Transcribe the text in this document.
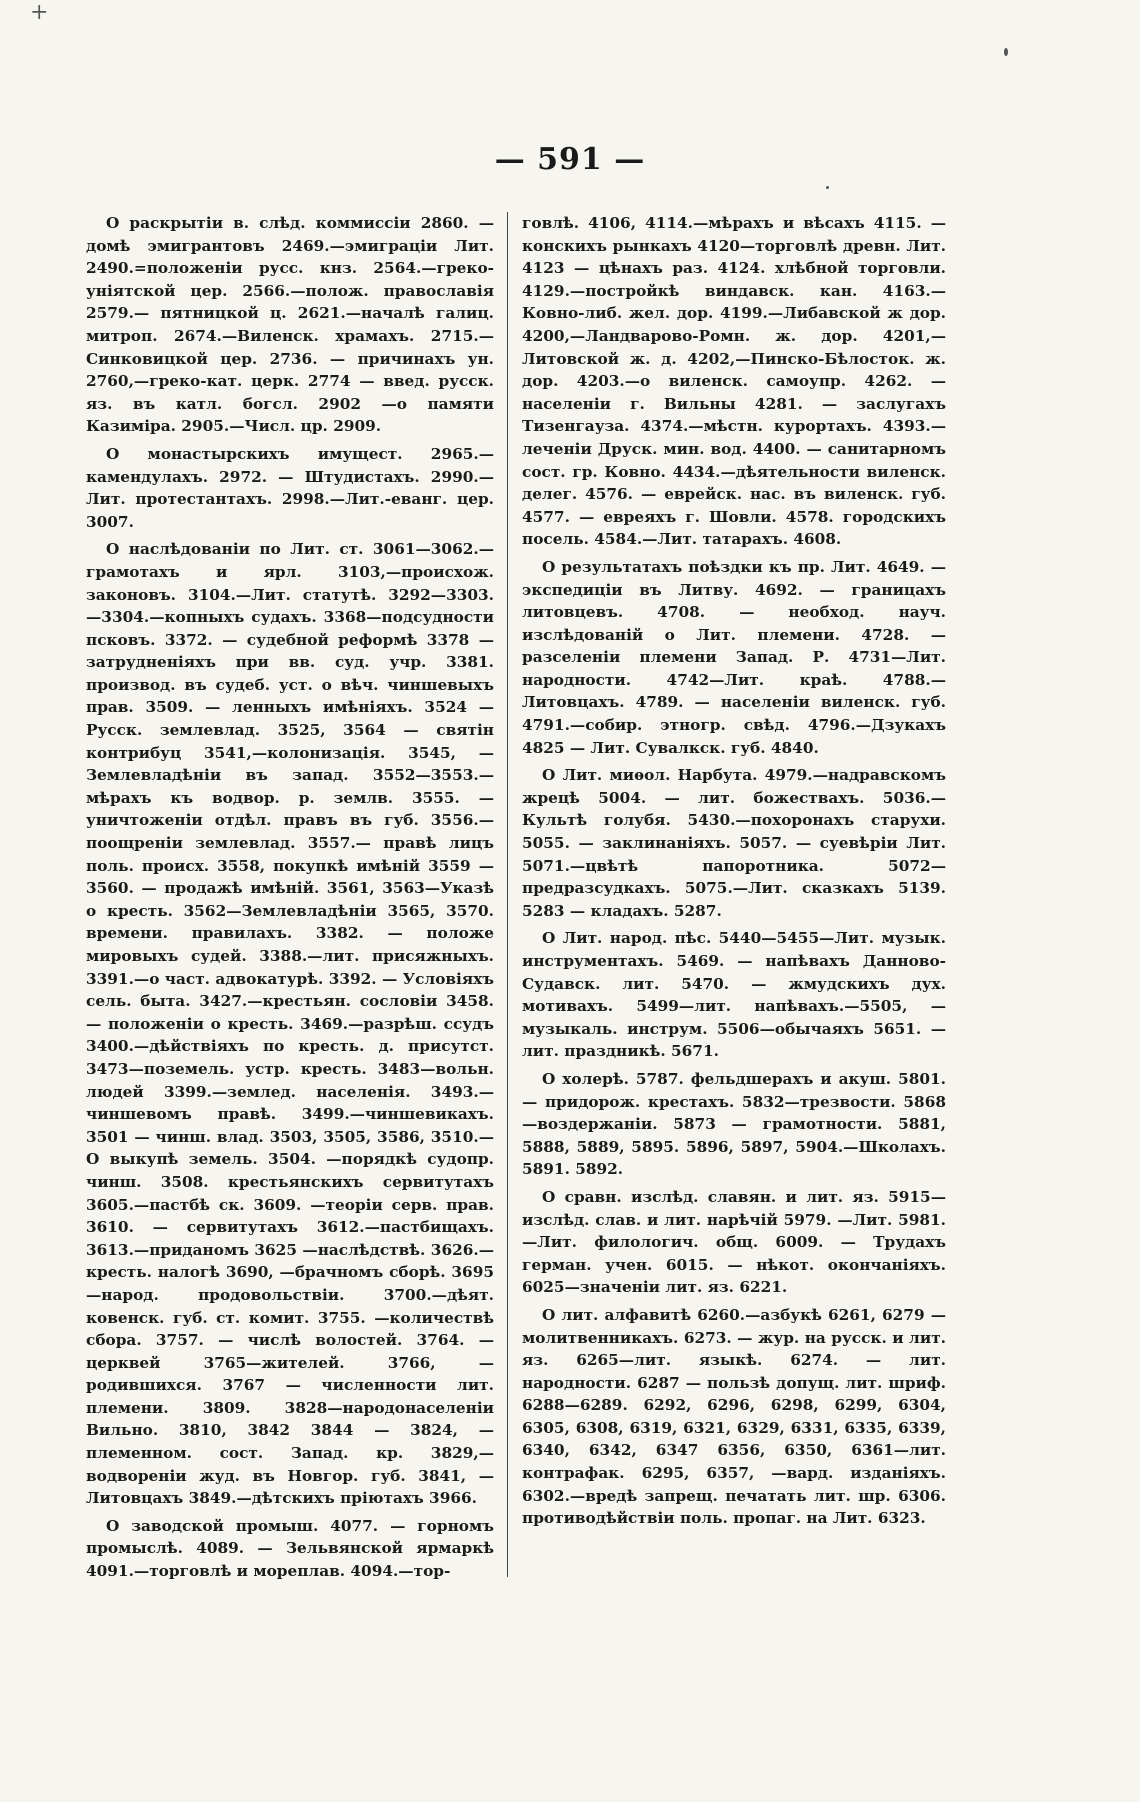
+
— 591 —

О раскрытіи в. слѣд. коммиссіи 2860. —домѣ эмигрантовъ 2469.—эмиграціи Лит. 2490.=положеніи русс. кнз. 2564.—греко-уніятской цер. 2566.—полож. православія 2579.— пятницкой ц. 2621.—началѣ галиц. митроп. 2674.—Виленск. храмахъ. 2715.—Синковицкой цер. 2736. — причинахъ ун. 2760,—греко-кат. церк. 2774 — введ. русск. яз. въ катл. богсл. 2902 —о памяти Казиміра. 2905.—Числ. цр. 2909.

О монастырскихъ имущест. 2965.—камендулахъ. 2972. — Штудистахъ. 2990.—Лит. протестантахъ. 2998.—Лит.-еванг. цер. 3007.

О наслѣдованіи по Лит. ст. 3061—3062.—грамотахъ и ярл. 3103,—происхож. законовъ. 3104.—Лит. статутѣ. 3292—3303. —3304.—копныхъ судахъ. 3368—подсудности псковъ. 3372. — судебной реформѣ 3378 — затрудненіяхъ при вв. суд. учр. 3381. производ. въ судеб. уст. о вѣч. чиншевыхъ прав. 3509. — ленныхъ имѣніяхъ. 3524 — Русск. землевлад. 3525, 3564 — святін контрибуц 3541,—колонизація. 3545, —Землевладѣніи въ запад. 3552—3553.—мѣрахъ къ водвор. р. землв. 3555. — уничтоженіи отдѣл. правъ въ губ. 3556.—поощреніи землевлад. 3557.— правѣ лицъ поль. происх. 3558, покупкѣ имѣній 3559 —3560. — продажѣ имѣній. 3561, 3563—Указѣ о кресть. 3562—Землевладѣніи 3565, 3570. времени. правилахъ. 3382. — положе мировыхъ судей. 3388.—лит. присяжныхъ. 3391.—о част. адвокатурѣ. 3392. — Условіяхъ сель. быта. 3427.—крестьян. сословіи 3458. — положеніи о кресть. 3469.—разрѣш. ссудъ 3400.—дѣйствіяхъ по кресть. д. присутст. 3473—поземель. устр. кресть. 3483—вольн. людей 3399.—землед. населенія. 3493.—чиншевомъ правѣ. 3499.—чиншевикахъ. 3501 — чинш. влад. 3503, 3505, 3586, 3510.—О выкупѣ земель. 3504. —порядкѣ судопр. чинш. 3508. крестьянскихъ сервитутахъ 3605.—пастбѣ ск. 3609. —теоріи серв. прав. 3610. — сервитутахъ 3612.—пастбищахъ. 3613.—приданомъ 3625 —наслѣдствѣ. 3626.—кресть. налогѣ 3690, —брачномъ сборѣ. 3695—народ. продовольствіи. 3700.—дѣят. ковенск. губ. ст. комит. 3755. —количествѣ сбора. 3757. — числѣ волостей. 3764. —церквей 3765—жителей. 3766, — родившихся. 3767 — численности лит. племени. 3809. 3828—народонаселеніи Вильно. 3810, 3842 3844 — 3824, — племенном. сост. Запад. кр. 3829,—водвореніи жуд. въ Новгор. губ. 3841, — Литовцахъ 3849.—дѣтскихъ пріютахъ 3966.

О заводской промыш. 4077. — горномъ промыслѣ. 4089. — Зельвянской ярмаркѣ 4091.—торговлѣ и мореплав. 4094.—тор-

говлѣ. 4106, 4114.—мѣрахъ и вѣсахъ 4115. —конскихъ рынкахъ 4120—торговлѣ древн. Лит. 4123 — цѣнахъ раз. 4124. хлѣбной торговли. 4129.—постройкѣ виндавск. кан. 4163.—Ковно-либ. жел. дор. 4199.—Либавской ж дор. 4200,—Ландварово-Ромн. ж. дор. 4201,—Литовской ж. д. 4202,—Пинско-Бѣлосток. ж. дор. 4203.—о виленск. самоупр. 4262. — населеніи г. Вильны 4281. — заслугахъ Тизенгауза. 4374.—мѣстн. курортахъ. 4393.—леченіи Друск. мин. вод. 4400. — санитарномъ сост. гр. Ковно. 4434.—дѣятельности виленск. делег. 4576. — еврейск. нас. въ виленск. губ. 4577. — евреяхъ г. Шовли. 4578. городскихъ посель. 4584.—Лит. татарахъ. 4608.

О результатахъ поѣздки къ пр. Лит. 4649. — экспедиціи въ Литву. 4692. — границахъ литовцевъ. 4708. — необход. науч. изслѣдованій о Лит. племени. 4728. —разселеніи племени Запад. Р. 4731—Лит. народности. 4742—Лит. краѣ. 4788.—Литовцахъ. 4789. — населеніи виленск. губ. 4791.—собир. этногр. свѣд. 4796.—Дзукахъ 4825 — Лит. Сувалкск. губ. 4840.

О Лит. миѳол. Нарбута. 4979.—надравскомъ жрецѣ 5004. — лит. божествахъ. 5036.—Культѣ голубя. 5430.—похоронахъ старухи. 5055. — заклинаніяхъ. 5057. — суевѣріи Лит. 5071.—цвѣтѣ папоротника. 5072—предразсудкахъ. 5075.—Лит. сказкахъ 5139. 5283 — кладахъ. 5287.

О Лит. народ. пѣс. 5440—5455—Лит. музык. инструментахъ. 5469. — напѣвахъ Данново-Судавск. лит. 5470. — жмудскихъ дух. мотивахъ. 5499—лит. напѣвахъ.—5505, —музыкаль. инструм. 5506—обычаяхъ 5651. —лит. праздникѣ. 5671.

О холерѣ. 5787. фельдшерахъ и акуш. 5801. — придорож. крестахъ. 5832—трезвости. 5868—воздержаніи. 5873 — грамотности. 5881, 5888, 5889, 5895. 5896, 5897, 5904.—Школахъ. 5891. 5892.

О сравн. изслѣд. славян. и лит. яз. 5915—изслѣд. слав. и лит. нарѣчій 5979. —Лит. 5981.—Лит. филологич. общ. 6009. — Трудахъ герман. учен. 6015. — нѣкот. окончаніяхъ. 6025—значеніи лит. яз. 6221.

О лит. алфавитѣ 6260.—азбукѣ 6261, 6279 — молитвенникахъ. 6273. — жур. на русск. и лит. яз. 6265—лит. языкѣ. 6274. — лит. народности. 6287 — пользѣ допущ. лит. шриф. 6288—6289. 6292, 6296, 6298, 6299, 6304, 6305, 6308, 6319, 6321, 6329, 6331, 6335, 6339, 6340, 6342, 6347 6356, 6350, 6361—лит. контрафак. 6295, 6357, —вард. изданіяхъ. 6302.—вредѣ запрещ. печатать лит. шр. 6306. противодѣйствіи поль. пропаг. на Лит. 6323.
